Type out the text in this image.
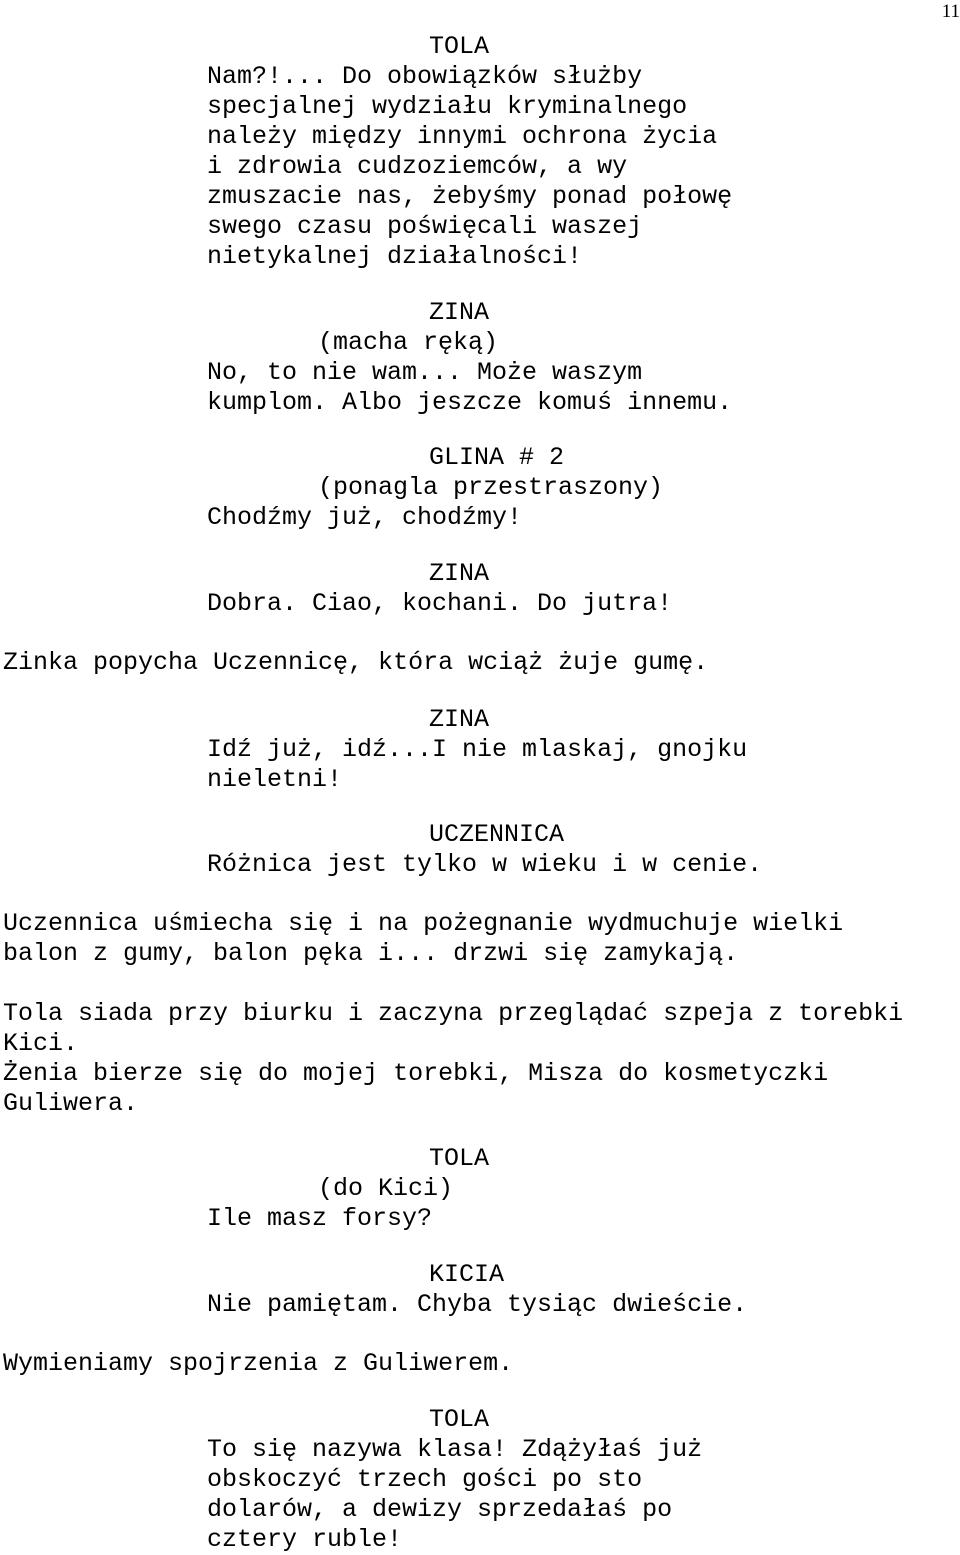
11
TOLA
Nam?!... Do obowiązków służby
specjalnej wydziału kryminalnego
należy między innymi ochrona życia
i zdrowia cudzoziemców, a wy
zmuszacie nas, żebyśmy ponad połowę
swego czasu poświęcali waszej
nietykalnej działalności!
ZINA
(macha ręką)
No, to nie wam... Może waszym
kumplom. Albo jeszcze komuś innemu.
GLINA # 2
(ponagla przestraszony)
Chodźmy już, chodźmy!
ZINA
Dobra. Ciao, kochani. Do jutra!
Zinka popycha Uczennicę, która wciąż żuje gumę.
ZINA
Idź już, idź...I nie mlaskaj, gnojku
nieletni!
UCZENNICA
Różnica jest tylko w wieku i w cenie.
Uczennica uśmiecha się i na pożegnanie wydmuchuje wielki
balon z gumy, balon pęka i... drzwi się zamykają.
Tola siada przy biurku i zaczyna przeglądać szpeja z torebki
Kici.
Żenia bierze się do mojej torebki, Misza do kosmetyczki
Guliwera.
TOLA
(do Kici)
Ile masz forsy?
KICIA
Nie pamiętam. Chyba tysiąc dwieście.
Wymieniamy spojrzenia z Guliwerem.
TOLA
To się nazywa klasa! Zdążyłaś już
obskoczyć trzech gości po sto
dolarów, a dewizy sprzedałaś po
cztery ruble!
